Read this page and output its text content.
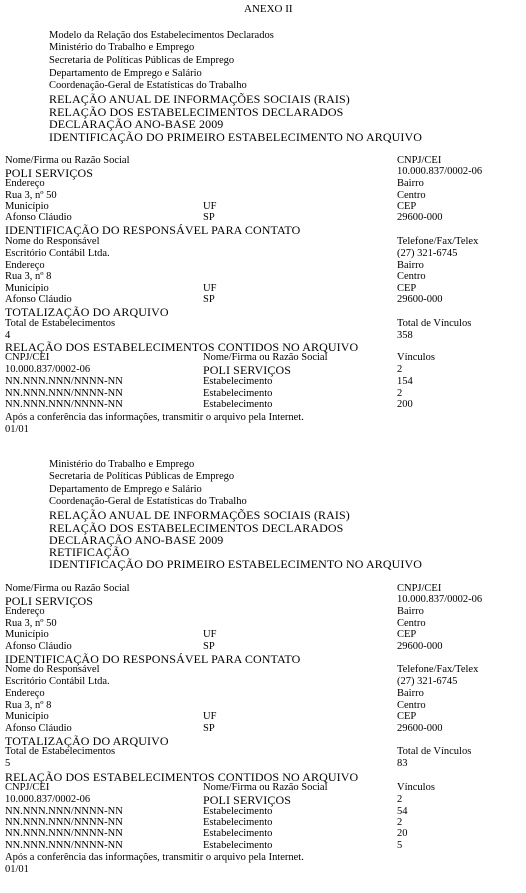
ANEXO II
Modelo da Relação dos Estabelecimentos Declarados
Ministério do Trabalho e Emprego
Secretaria de Políticas Públicas de Emprego
Departamento de Emprego e Salário
Coordenação-Geral de Estatísticas do Trabalho
RELAÇÃO ANUAL DE INFORMAÇÕES SOCIAIS (RAIS)
RELAÇÃO DOS ESTABELECIMENTOS DECLARADOS
DECLARAÇÃO ANO-BASE 2009
IDENTIFICAÇÃO DO PRIMEIRO ESTABELECIMENTO NO ARQUIVO
Nome/Firma ou Razão Social	CNPJ/CEI
POLI SERVIÇOS	10.000.837/0002-06
Endereço	Bairro
Rua 3, nº 50	Centro
Município	UF	CEP
Afonso Cláudio	SP	29600-000
IDENTIFICAÇÃO DO RESPONSÁVEL PARA CONTATO
Nome do Responsável	Telefone/Fax/Telex
Escritório Contábil Ltda.	(27) 321-6745
Endereço	Bairro
Rua 3, nº 8	Centro
Município	UF	CEP
Afonso Cláudio	SP	29600-000
TOTALIZAÇÃO DO ARQUIVO
Total de Estabelecimentos	Total de Vínculos
4	358
RELAÇÃO DOS ESTABELECIMENTOS CONTIDOS NO ARQUIVO
CNPJ/CEI	Nome/Firma ou Razão Social	Vínculos
10.000.837/0002-06	POLI SERVIÇOS	2
NN.NNN.NNN/NNNN-NN	Estabelecimento	154
NN.NNN.NNN/NNNN-NN	Estabelecimento	2
NN.NNN.NNN/NNNN-NN	Estabelecimento	200
Após a conferência das informações, transmitir o arquivo pela Internet.
01/01
Ministério do Trabalho e Emprego
Secretaria de Políticas Públicas de Emprego
Departamento de Emprego e Salário
Coordenação-Geral de Estatísticas do Trabalho
RELAÇÃO ANUAL DE INFORMAÇÕES SOCIAIS (RAIS)
RELAÇÃO DOS ESTABELECIMENTOS DECLARADOS
DECLARAÇÃO ANO-BASE 2009
RETIFICAÇÃO
IDENTIFICAÇÃO DO PRIMEIRO ESTABELECIMENTO NO ARQUIVO
Nome/Firma ou Razão Social	CNPJ/CEI
POLI SERVIÇOS	10.000.837/0002-06
Endereço	Bairro
Rua 3, nº 50	Centro
Município	UF	CEP
Afonso Cláudio	SP	29600-000
IDENTIFICAÇÃO DO RESPONSÁVEL PARA CONTATO
Nome do Responsável	Telefone/Fax/Telex
Escritório Contábil Ltda.	(27) 321-6745
Endereço	Bairro
Rua 3, nº 8	Centro
Município	UF	CEP
Afonso Cláudio	SP	29600-000
TOTALIZAÇÃO DO ARQUIVO
Total de Estabelecimentos	Total de Vínculos
5	83
RELAÇÃO DOS ESTABELECIMENTOS CONTIDOS NO ARQUIVO
CNPJ/CEI	Nome/Firma ou Razão Social	Vínculos
10.000.837/0002-06	POLI SERVIÇOS	2
NN.NNN.NNN/NNNN-NN	Estabelecimento	54
NN.NNN.NNN/NNNN-NN	Estabelecimento	2
NN.NNN.NNN/NNNN-NN	Estabelecimento	20
NN.NNN.NNN/NNNN-NN	Estabelecimento	5
Após a conferência das informações, transmitir o arquivo pela Internet.
01/01
